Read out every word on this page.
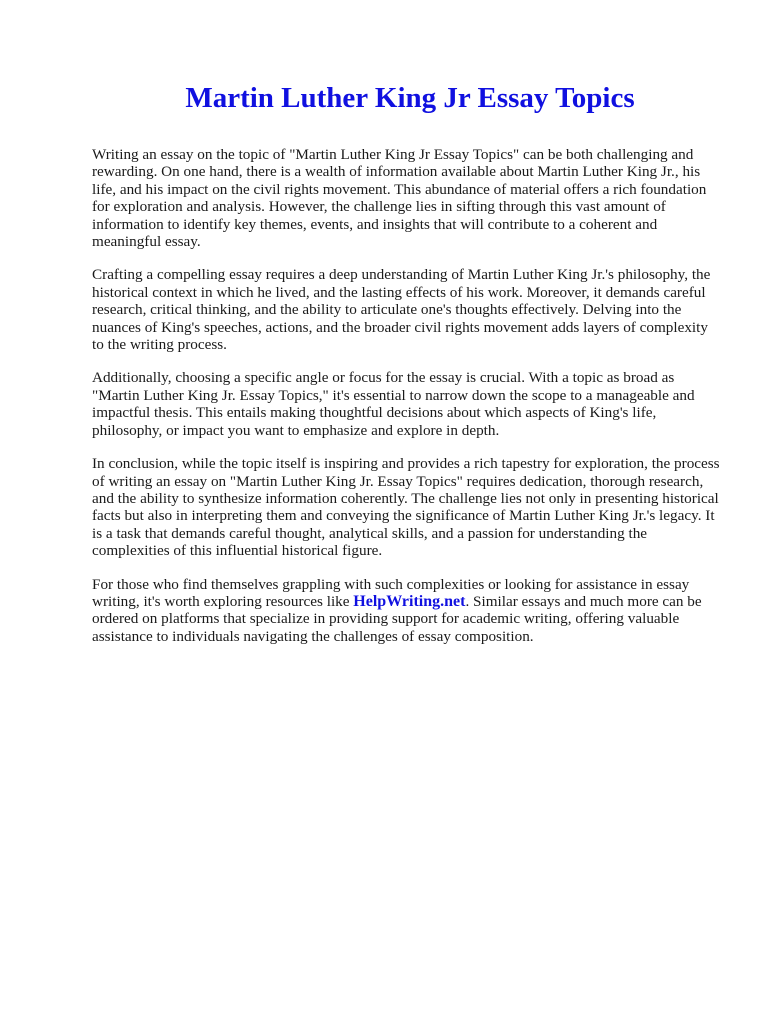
Martin Luther King Jr Essay Topics

Writing an essay on the topic of "Martin Luther King Jr Essay Topics" can be both challenging and rewarding. On one hand, there is a wealth of information available about Martin Luther King Jr., his life, and his impact on the civil rights movement. This abundance of material offers a rich foundation for exploration and analysis. However, the challenge lies in sifting through this vast amount of information to identify key themes, events, and insights that will contribute to a coherent and meaningful essay.

Crafting a compelling essay requires a deep understanding of Martin Luther King Jr.'s philosophy, the historical context in which he lived, and the lasting effects of his work. Moreover, it demands careful research, critical thinking, and the ability to articulate one's thoughts effectively. Delving into the nuances of King's speeches, actions, and the broader civil rights movement adds layers of complexity to the writing process.

Additionally, choosing a specific angle or focus for the essay is crucial. With a topic as broad as "Martin Luther King Jr. Essay Topics," it's essential to narrow down the scope to a manageable and impactful thesis. This entails making thoughtful decisions about which aspects of King's life, philosophy, or impact you want to emphasize and explore in depth.

In conclusion, while the topic itself is inspiring and provides a rich tapestry for exploration, the process of writing an essay on "Martin Luther King Jr. Essay Topics" requires dedication, thorough research, and the ability to synthesize information coherently. The challenge lies not only in presenting historical facts but also in interpreting them and conveying the significance of Martin Luther King Jr.'s legacy. It is a task that demands careful thought, analytical skills, and a passion for understanding the complexities of this influential historical figure.

For those who find themselves grappling with such complexities or looking for assistance in essay writing, it's worth exploring resources like HelpWriting.net. Similar essays and much more can be ordered on platforms that specialize in providing support for academic writing, offering valuable assistance to individuals navigating the challenges of essay composition.
